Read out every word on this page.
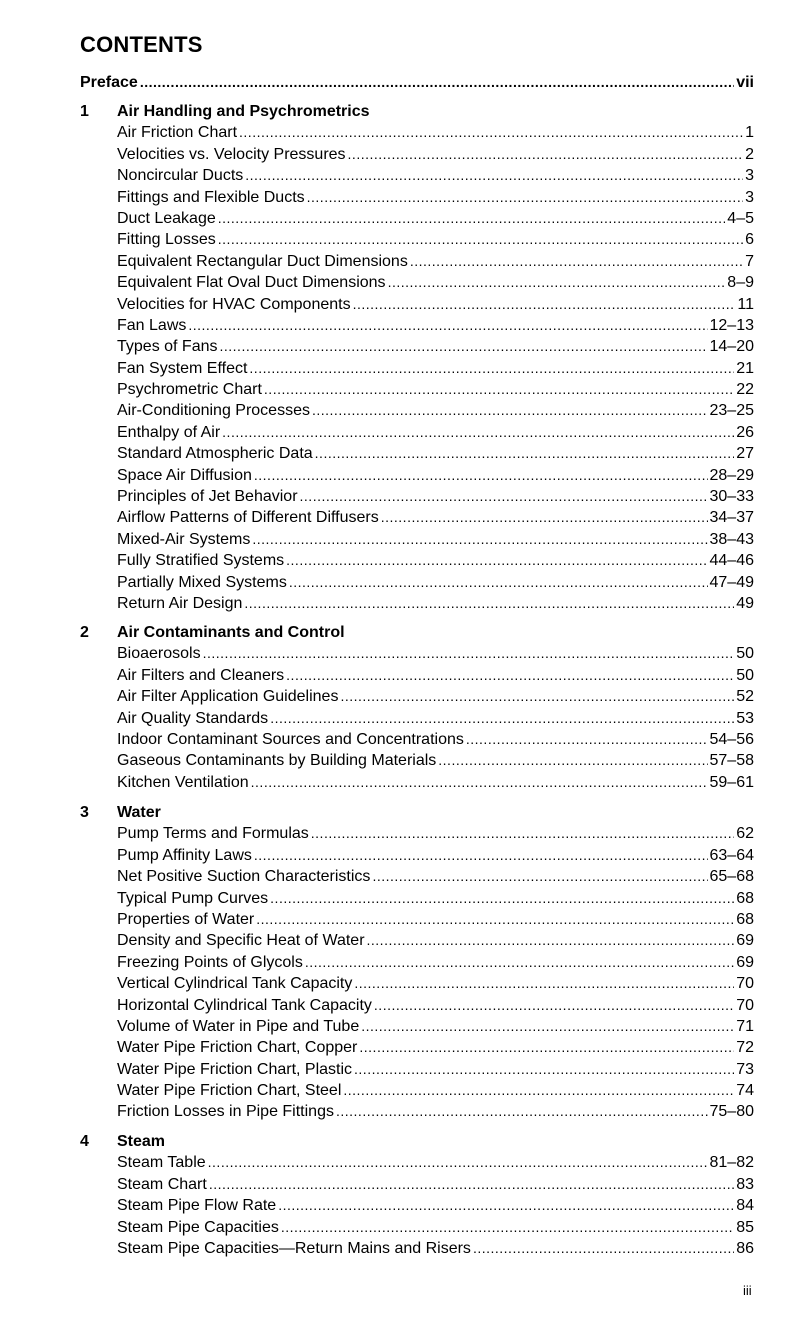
CONTENTS
Preface .....	vii
1	Air Handling and Psychrometrics
Air Friction Chart .....	1
Velocities vs. Velocity Pressures .....	2
Noncircular Ducts .....	3
Fittings and Flexible Ducts .....	3
Duct Leakage .....	4–5
Fitting Losses .....	6
Equivalent Rectangular Duct Dimensions .....	7
Equivalent Flat Oval Duct Dimensions .....	8–9
Velocities for HVAC Components .....	11
Fan Laws .....	12–13
Types of Fans .....	14–20
Fan System Effect .....	21
Psychrometric Chart .....	22
Air-Conditioning Processes .....	23–25
Enthalpy of Air .....	26
Standard Atmospheric Data .....	27
Space Air Diffusion .....	28–29
Principles of Jet Behavior .....	30–33
Airflow Patterns of Different Diffusers .....	34–37
Mixed-Air Systems .....	38–43
Fully Stratified Systems .....	44–46
Partially Mixed Systems .....	47–49
Return Air Design .....	49
2	Air Contaminants and Control
Bioaerosols .....	50
Air Filters and Cleaners .....	50
Air Filter Application Guidelines .....	52
Air Quality Standards .....	53
Indoor Contaminant Sources and Concentrations .....	54–56
Gaseous Contaminants by Building Materials .....	57–58
Kitchen Ventilation .....	59–61
3	Water
Pump Terms and Formulas .....	62
Pump Affinity Laws .....	63–64
Net Positive Suction Characteristics .....	65–68
Typical Pump Curves .....	68
Properties of Water .....	68
Density and Specific Heat of Water .....	69
Freezing Points of Glycols .....	69
Vertical Cylindrical Tank Capacity .....	70
Horizontal Cylindrical Tank Capacity .....	70
Volume of Water in Pipe and Tube .....	71
Water Pipe Friction Chart, Copper .....	72
Water Pipe Friction Chart, Plastic .....	73
Water Pipe Friction Chart, Steel .....	74
Friction Losses in Pipe Fittings .....	75–80
4	Steam
Steam Table .....	81–82
Steam Chart .....	83
Steam Pipe Flow Rate .....	84
Steam Pipe Capacities .....	85
Steam Pipe Capacities—Return Mains and Risers .....	86
iii
